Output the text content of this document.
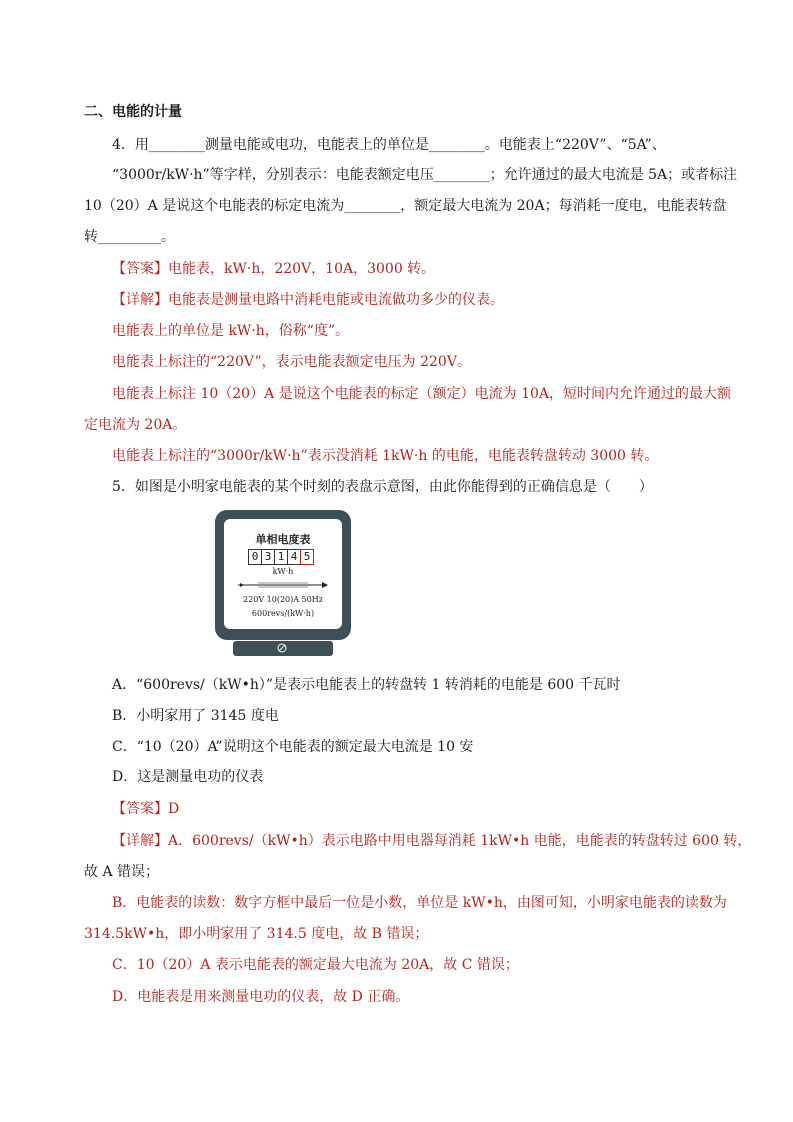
二、电能的计量
4．用________测量电能或电功，电能表上的单位是________。电能表上“220V”、“5A”、
“3000r/kW·h”等字样，分别表示：电能表额定电压________；允许通过的最大电流是 5A；或者标注
10（20）A 是说这个电能表的标定电流为________，额定最大电流为 20A；每消耗一度电，电能表转盘
转_________。
【答案】电能表，kW·h，220V，10A，3000 转。
【详解】电能表是测量电路中消耗电能或电流做功多少的仪表。
电能表上的单位是 kW·h，俗称“度”。
电能表上标注的“220V”，表示电能表额定电压为 220V。
电能表上标注 10（20）A 是说这个电能表的标定（额定）电流为 10A，短时间内允许通过的最大额
定电流为 20A。
电能表上标注的“3000r/kW·h”表示没消耗 1kW·h 的电能，电能表转盘转动 3000 转。
5．如图是小明家电能表的某个时刻的表盘示意图，由此你能得到的正确信息是（　　）
单相电度表
0 3 1 4 5
kW·h
220V 10(20)A 50Hz
600revs/(kW·h)
A．“600revs/（kW•h）”是表示电能表上的转盘转 1 转消耗的电能是 600 千瓦时
B．小明家用了 3145 度电
C．“10（20）A”说明这个电能表的额定最大电流是 10 安
D．这是测量电功的仪表
【答案】D
【详解】A．600revs/（kW•h）表示电路中用电器每消耗 1kW•h 电能，电能表的转盘转过 600 转，
故 A 错误；
B．电能表的读数：数字方框中最后一位是小数，单位是 kW•h，由图可知，小明家电能表的读数为
314.5kW•h，即小明家用了 314.5 度电，故 B 错误；
C．10（20）A 表示电能表的额定最大电流为 20A，故 C 错误；
D．电能表是用来测量电功的仪表，故 D 正确。
